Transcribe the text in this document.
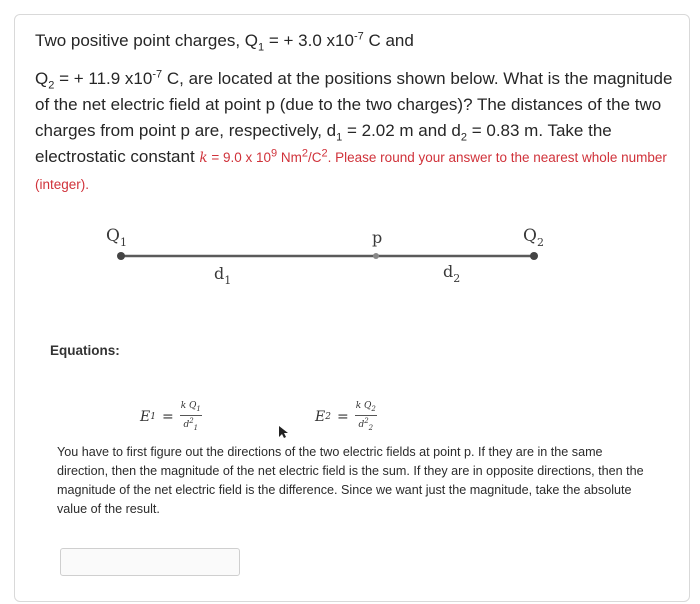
Two positive point charges, $Q_1$ = + 3.0 $x10^{-7}$ C and

$Q_2$ = + 11.9 $x10^{-7}$ C, are located at the positions shown below. What is the magnitude of the net electric field at point p (due to the two charges)? The distances of the two charges from point p are, respectively, $d_1 = 2.02$ m and $d_2 = 0.83$ m. Take the electrostatic constant k = 9.0 x $10^9$ $Nm^2/C^2$. Please round your answer to the nearest whole number (integer).

$Q_1$	p	$Q_2$
$d_1$	$d_2$
Equations:
E $1 = \frac{k Q_1}{d^2_1}$	E $2 = \frac{k Q_2}{d^2_2}$
You have to first figure out the directions of the two electric fields at point p. If they are in the same direction, then the magnitude of the net electric field is the sum. If they are in opposite directions, then the magnitude of the net electric field is the difference. Since we want just the magnitude, take the absolute value of the result.
